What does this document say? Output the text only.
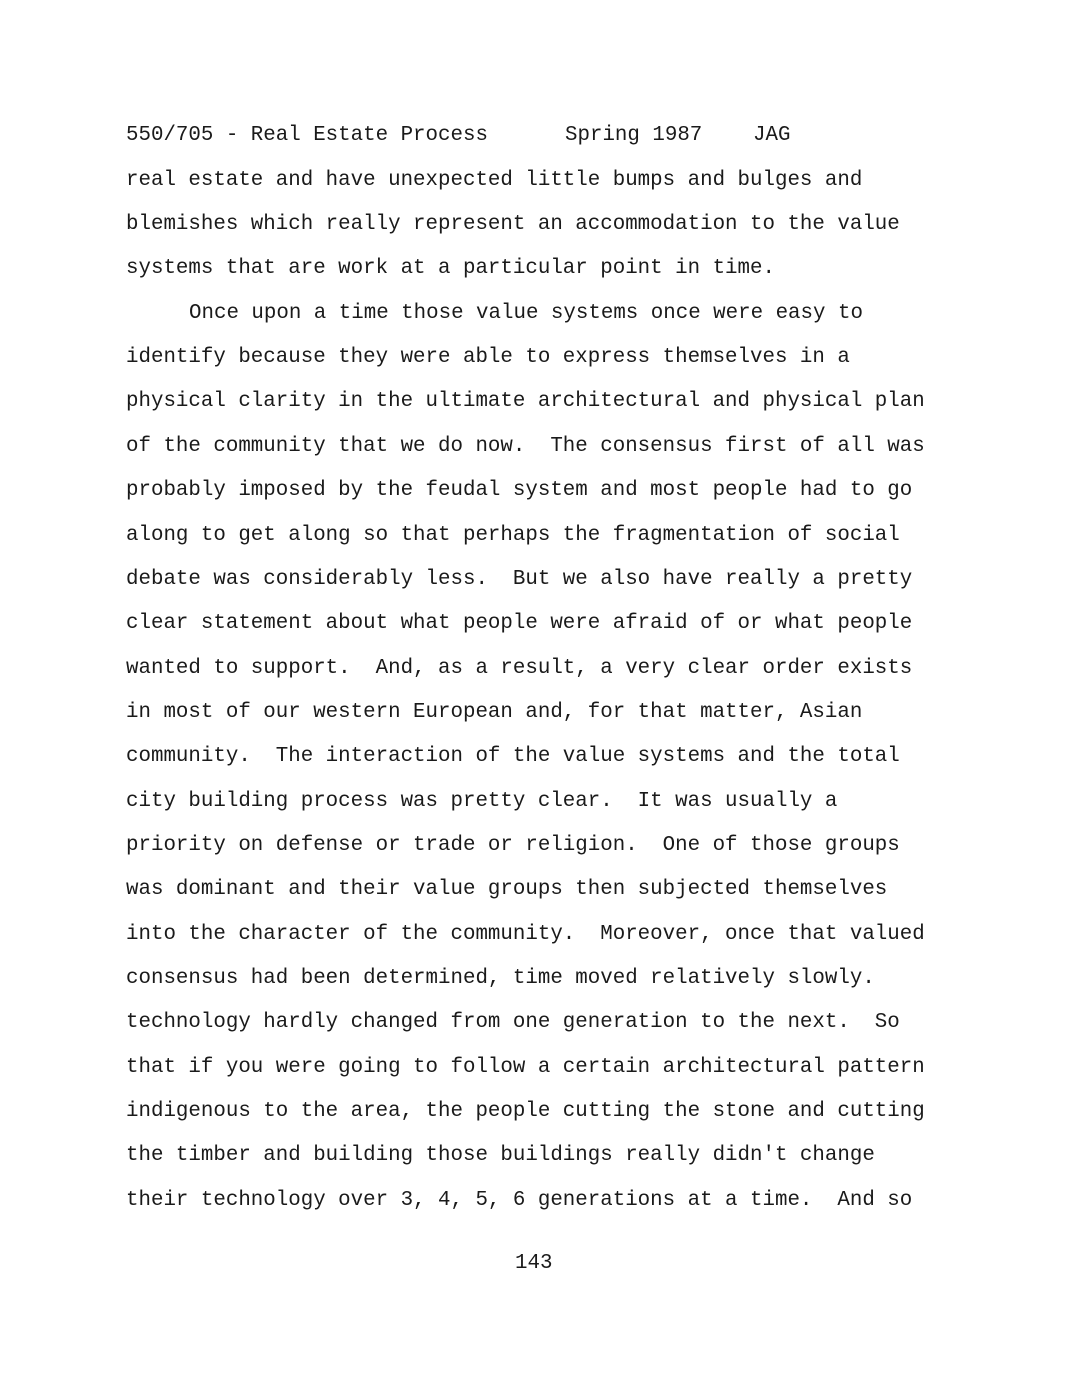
550/705 - Real Estate Process	Spring 1987 JAG
real estate and have unexpected little bumps and bulges and
blemishes which really represent an accommodation to the value
systems that are work at a particular point in time.
Once upon a time those value systems once were easy to
identify because they were able to express themselves in a
physical clarity in the ultimate architectural and physical plan
of the community that we do now.  The consensus first of all was
probably imposed by the feudal system and most people had to go
along to get along so that perhaps the fragmentation of social
debate was considerably less.  But we also have really a pretty
clear statement about what people were afraid of or what people
wanted to support.  And, as a result, a very clear order exists
in most of our western European and, for that matter, Asian
community.  The interaction of the value systems and the total
city building process was pretty clear.  It was usually a
priority on defense or trade or religion.  One of those groups
was dominant and their value groups then subjected themselves
into the character of the community.  Moreover, once that valued
consensus had been determined, time moved relatively slowly.
technology hardly changed from one generation to the next.  So
that if you were going to follow a certain architectural pattern
indigenous to the area, the people cutting the stone and cutting
the timber and building those buildings really didn't change
their technology over 3, 4, 5, 6 generations at a time.  And so
143
